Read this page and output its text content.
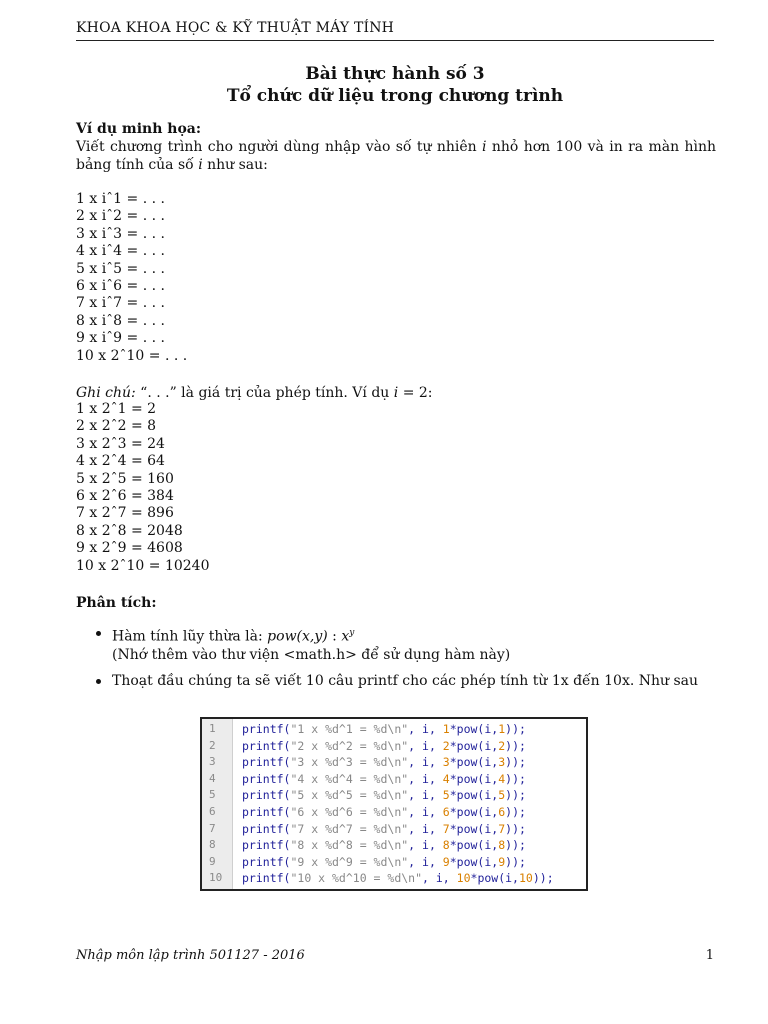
KHOA KHOA HỌC & KỸ THUẬT MÁY TÍNH
Bài thực hành số 3
Tổ chức dữ liệu trong chương trình
Ví dụ minh họa:
Viết chương trình cho người dùng nhập vào số tự nhiên i nhỏ hơn 100 và in ra màn hình bảng tính của số i như sau:
1 x iˆ1 = . . .
2 x iˆ2 = . . .
3 x iˆ3 = . . .
4 x iˆ4 = . . .
5 x iˆ5 = . . .
6 x iˆ6 = . . .
7 x iˆ7 = . . .
8 x iˆ8 = . . .
9 x iˆ9 = . . .
10 x 2ˆ10 = . . .
Ghi chú: “. . .” là giá trị của phép tính. Ví dụ i = 2:
1 x 2ˆ1 = 2
2 x 2ˆ2 = 8
3 x 2ˆ3 = 24
4 x 2ˆ4 = 64
5 x 2ˆ5 = 160
6 x 2ˆ6 = 384
7 x 2ˆ7 = 896
8 x 2ˆ8 = 2048
9 x 2ˆ9 = 4608
10 x 2ˆ10 = 10240
Phân tích:
Hàm tính lũy thừa là: pow(x,y) : $x^y$
(Nhớ thêm vào thư viện <math.h> để sử dụng hàm này)
Thoạt đầu chúng ta sẽ viết 10 câu printf cho các phép tính từ 1x đến 10x. Như sau
1	printf("1 x %d^1 = %d\n", i, 1*pow(i,1));
2	printf("2 x %d^2 = %d\n", i, 2*pow(i,2));
3	printf("3 x %d^3 = %d\n", i, 3*pow(i,3));
4	printf("4 x %d^4 = %d\n", i, 4*pow(i,4));
5	printf("5 x %d^5 = %d\n", i, 5*pow(i,5));
6	printf("6 x %d^6 = %d\n", i, 6*pow(i,6));
7	printf("7 x %d^7 = %d\n", i, 7*pow(i,7));
8	printf("8 x %d^8 = %d\n", i, 8*pow(i,8));
9	printf("9 x %d^9 = %d\n", i, 9*pow(i,9));
10	printf("10 x %d^10 = %d\n", i, 10*pow(i,10));
Nhập môn lập trình 501127 - 2016	1
